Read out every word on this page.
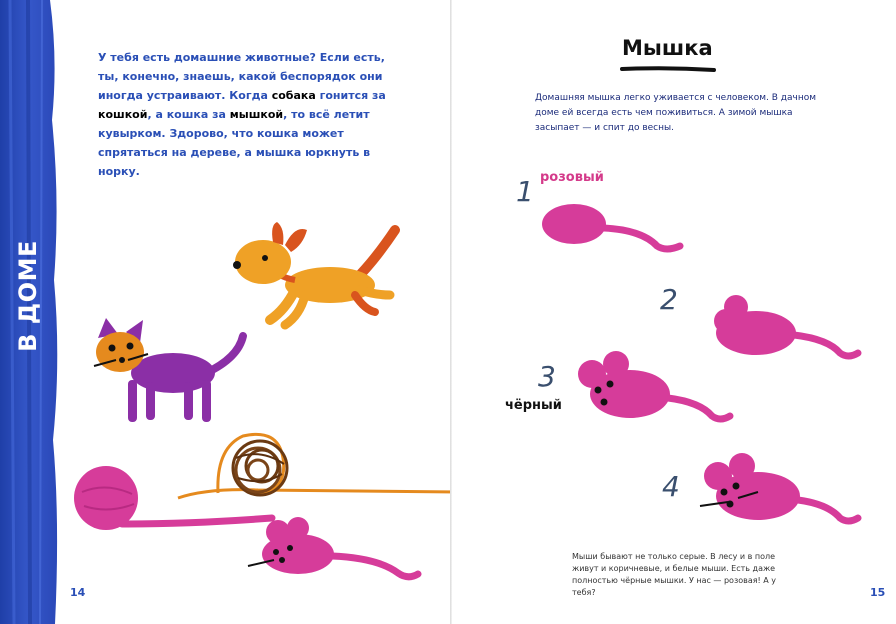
В ДОМЕ
У тебя есть домашние животные? Если есть, ты, конечно, знаешь, какой беспорядок они иногда устраивают. Когда собака гонится за кошкой, а кошка за мышкой, то всё летит кувырком. Здорово, что кошка может спрятаться на дереве, а мышка юркнуть в норку.
14
Мышка
Домашняя мышка легко уживается с человеком. В дачном доме ей всегда есть чем поживиться. А зимой мышка засыпает — и спит до весны.
1 розовый
2
3
чёрный
4
Мыши бывают не только серые. В лесу и в поле живут и коричневые, и белые мыши. Есть даже полностью чёрные мышки. У нас — розовая! А у тебя?	15
